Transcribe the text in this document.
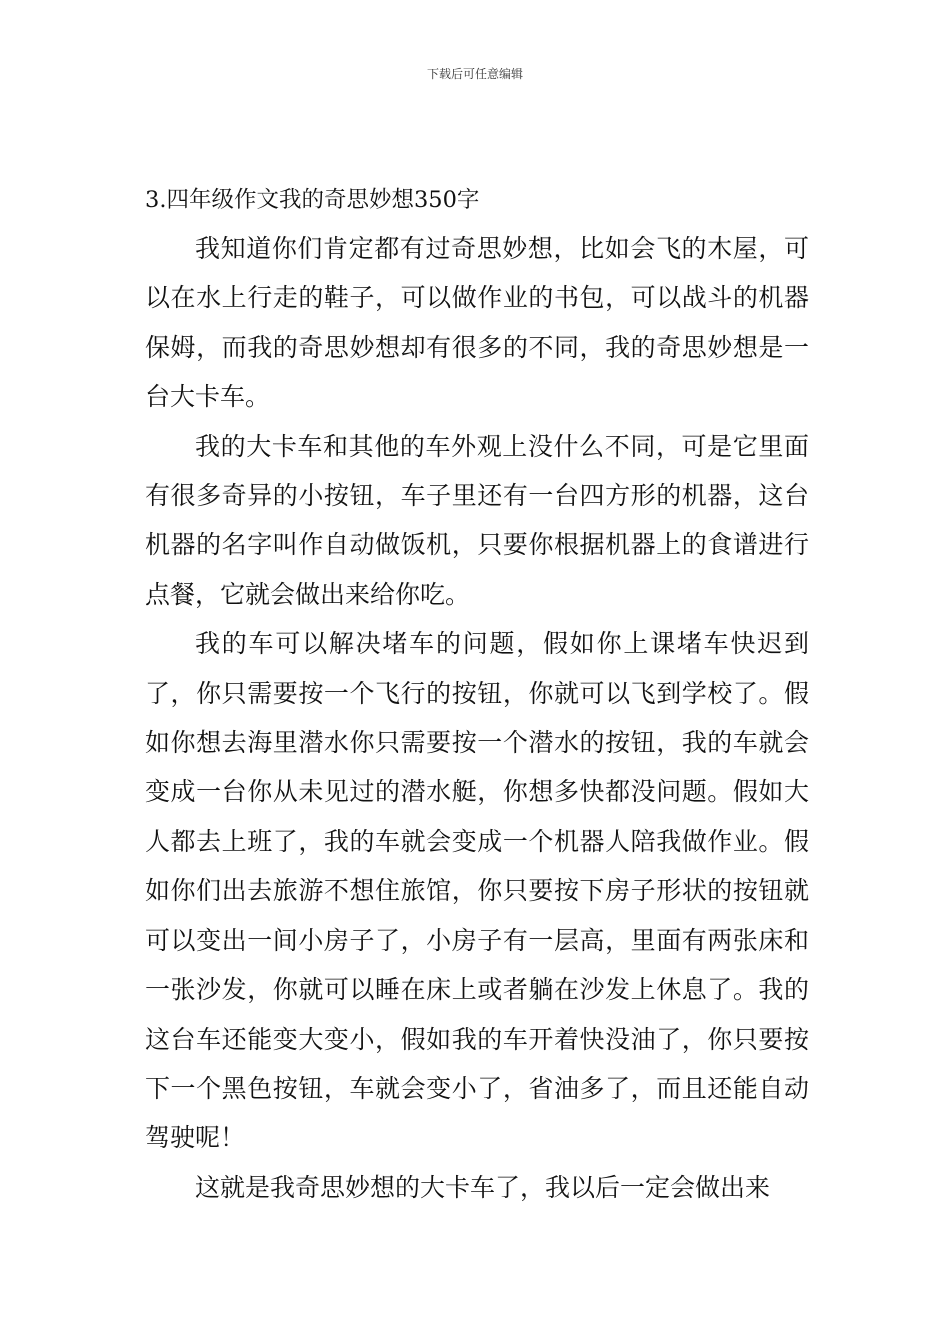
下载后可任意编辑

3.四年级作文我的奇思妙想350字

我知道你们肯定都有过奇思妙想，比如会飞的木屋，可以在水上行走的鞋子，可以做作业的书包，可以战斗的机器保姆，而我的奇思妙想却有很多的不同，我的奇思妙想是一台大卡车。

我的大卡车和其他的车外观上没什么不同，可是它里面有很多奇异的小按钮，车子里还有一台四方形的机器，这台机器的名字叫作自动做饭机，只要你根据机器上的食谱进行点餐，它就会做出来给你吃。

我的车可以解决堵车的问题，假如你上课堵车快迟到了，你只需要按一个飞行的按钮，你就可以飞到学校了。假如你想去海里潜水你只需要按一个潜水的按钮，我的车就会变成一台你从未见过的潜水艇，你想多快都没问题。假如大人都去上班了，我的车就会变成一个机器人陪我做作业。假如你们出去旅游不想住旅馆，你只要按下房子形状的按钮就可以变出一间小房子了，小房子有一层高，里面有两张床和一张沙发，你就可以睡在床上或者躺在沙发上休息了。我的这台车还能变大变小，假如我的车开着快没油了，你只要按下一个黑色按钮，车就会变小了，省油多了，而且还能自动驾驶呢！

这就是我奇思妙想的大卡车了，我以后一定会做出来
